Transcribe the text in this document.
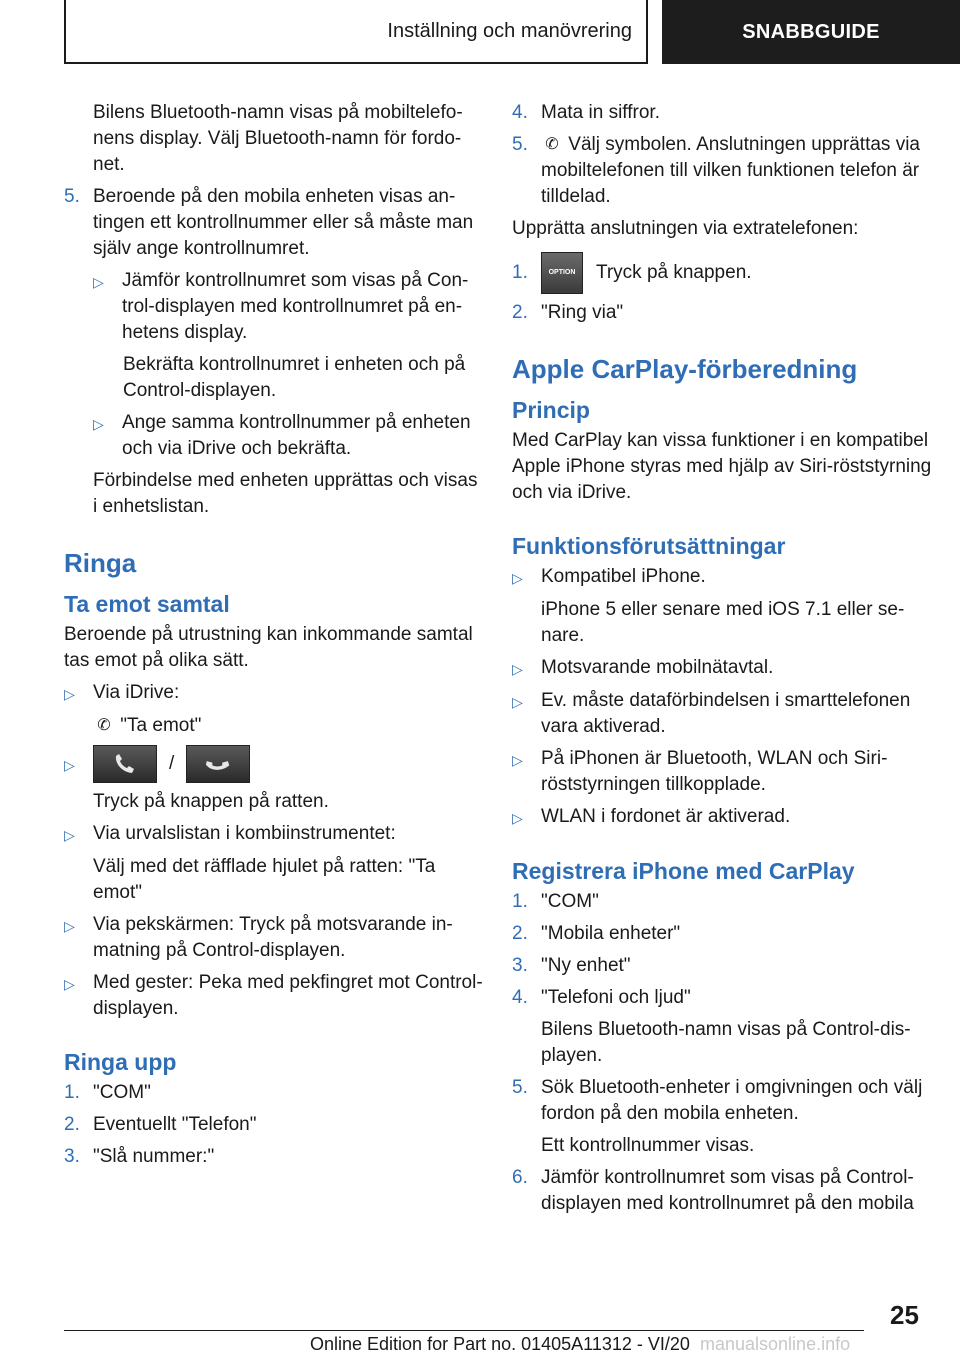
Inställning och manövrering	SNABBGUIDE

Bilens Bluetooth-namn visas på mobiltelefonens display. Välj Bluetooth-namn för fordonet.

5. Beroende på den mobila enheten visas antingen ett kontrollnummer eller så måste man själv ange kontrollnumret.
▷ Jämför kontrollnumret som visas på Control-displayen med kontrollnumret på enhetens display.

Bekräfta kontrollnumret i enheten och på Control-displayen.

▷ Ange samma kontrollnummer på enheten och via iDrive och bekräfta.

Förbindelse med enheten upprättas och visas i enhetslistan.

Ringa
Ta emot samtal

Beroende på utrustning kan inkommande samtal tas emot på olika sätt.

▷ Via iDrive:

✆ "Ta emot"

▷	/

Tryck på knappen på ratten.

▷ Via urvalslistan i kombiinstrumentet:

Välj med det räfflade hjulet på ratten: "Ta emot"

▷ Via pekskärmen: Tryck på motsvarande inmatning på Control-displayen.
▷ Med gester: Peka med pekfingret mot Control-displayen.
Ringa upp
1. "COM"
2. Eventuellt "Telefon"
3. "Slå nummer:"
4. Mata in siffror.
5.	✆ Välj symbolen. Anslutningen upprättas via mobiltelefonen till vilken funktionen telefon är tilldelad.

Upprätta anslutningen via extratelefonen:

1.	OPTION Tryck på knappen.
2. "Ring via"
Apple CarPlay-förberedning
Princip

Med CarPlay kan vissa funktioner i en kompatibel Apple iPhone styras med hjälp av Siri-röststyrning och via iDrive.

Funktionsförutsättningar
▷ Kompatibel iPhone.

iPhone 5 eller senare med iOS 7.1 eller senare.

▷ Motsvarande mobilnätavtal.
▷ Ev. måste dataförbindelsen i smarttelefonen vara aktiverad.
▷ På iPhonen är Bluetooth, WLAN och Siri-röststyrningen tillkopplade.
▷ WLAN i fordonet är aktiverad.
Registrera iPhone med CarPlay
1. "COM"
2. "Mobila enheter"
3. "Ny enhet"
4. "Telefoni och ljud"

Bilens Bluetooth-namn visas på Control-displayen.

5. Sök Bluetooth-enheter i omgivningen och välj fordon på den mobila enheten.

Ett kontrollnummer visas.

6. Jämför kontrollnumret som visas på Control-displayen med kontrollnumret på den mobila
25
Online Edition for Part no. 01405A11312 - VI/20 manualsonline.info
